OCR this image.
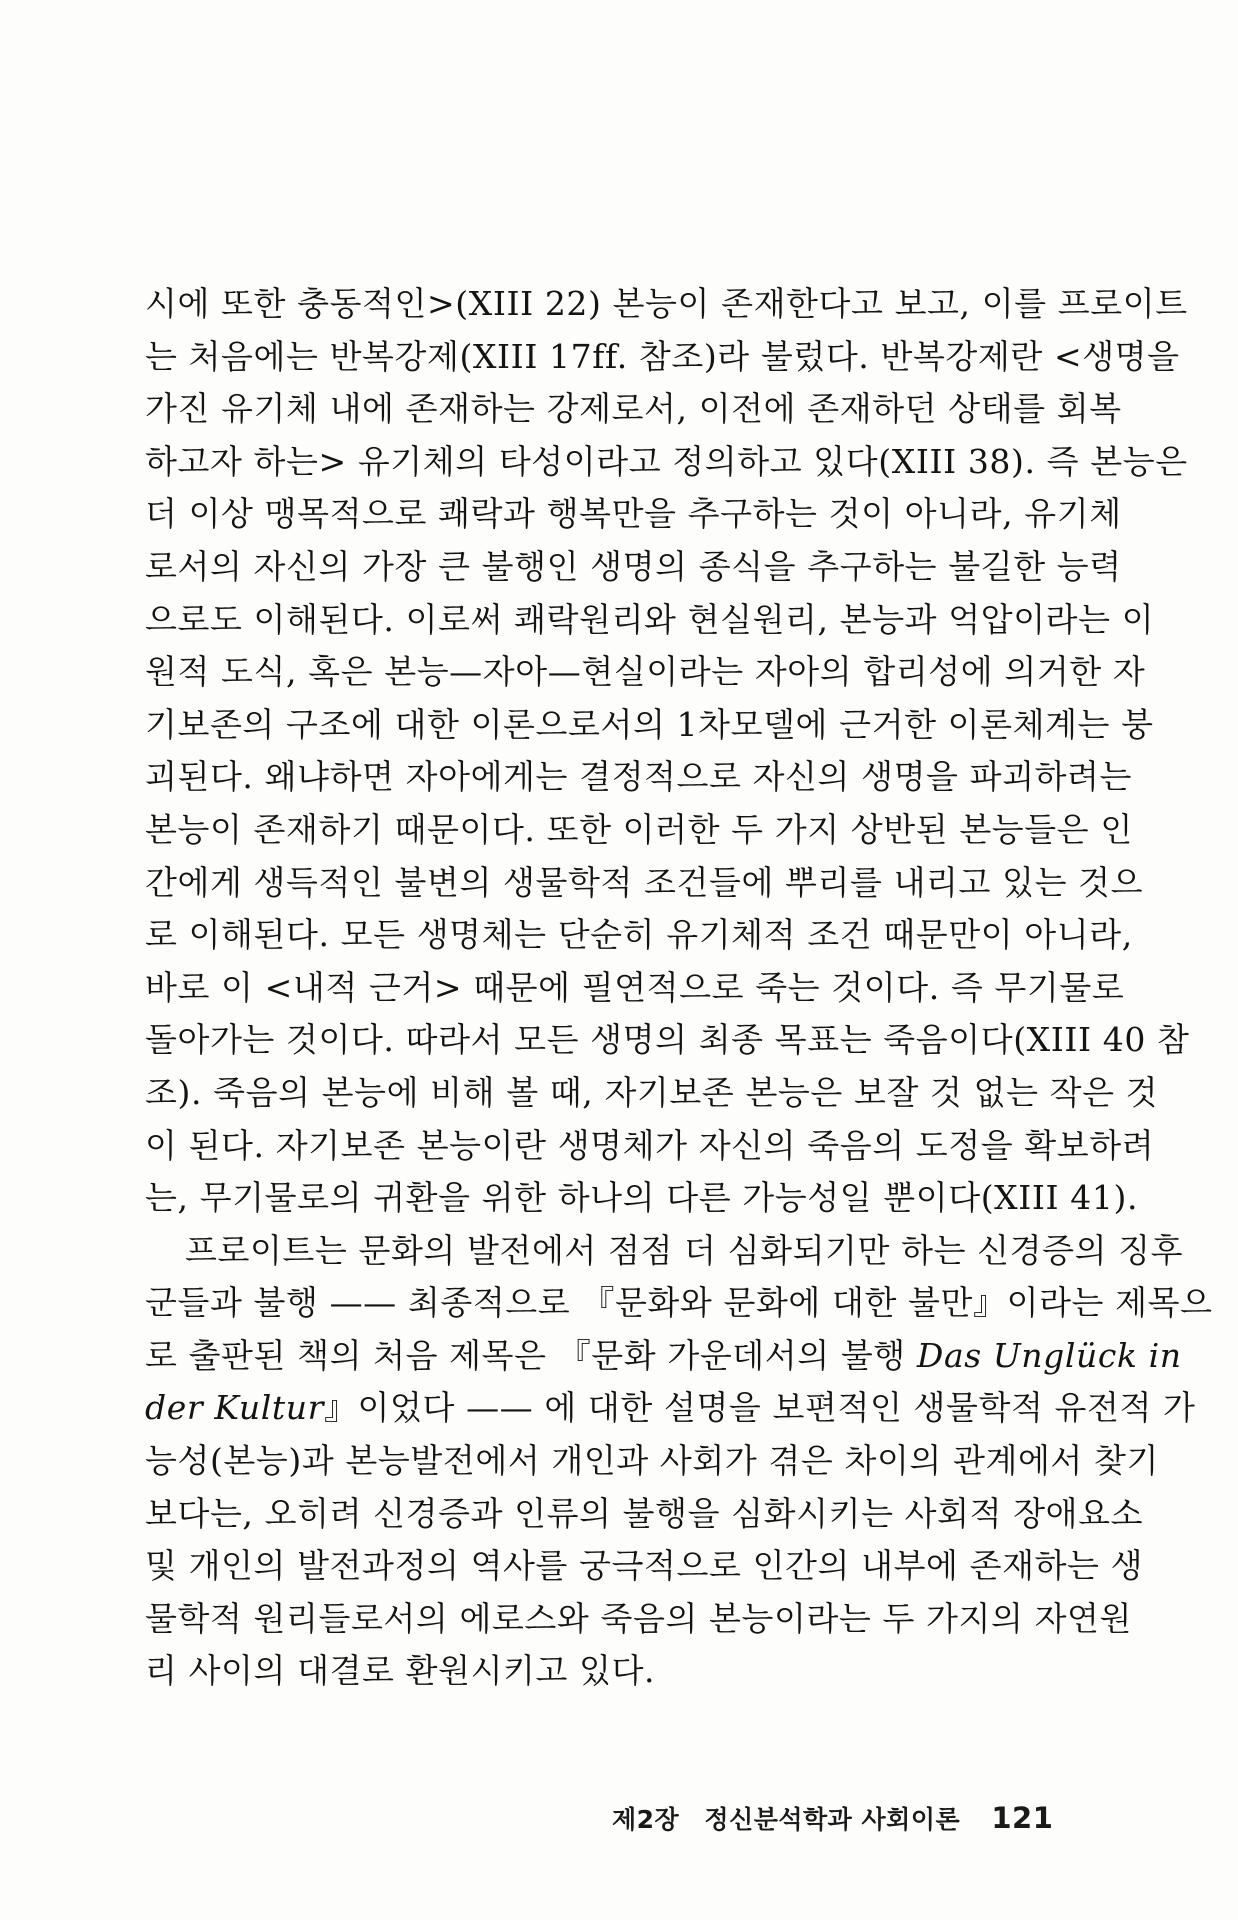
시에 또한 충동적인>(XIII 22) 본능이 존재한다고 보고, 이를 프로이트
는 처음에는 반복강제(XIII 17ff. 참조)라 불렀다. 반복강제란 <생명을
가진 유기체 내에 존재하는 강제로서, 이전에 존재하던 상태를 회복
하고자 하는> 유기체의 타성이라고 정의하고 있다(XIII 38). 즉 본능은
더 이상 맹목적으로 쾌락과 행복만을 추구하는 것이 아니라, 유기체
로서의 자신의 가장 큰 불행인 생명의 종식을 추구하는 불길한 능력
으로도 이해된다. 이로써 쾌락원리와 현실원리, 본능과 억압이라는 이
원적 도식, 혹은 본능—자아—현실이라는 자아의 합리성에 의거한 자
기보존의 구조에 대한 이론으로서의 1차모델에 근거한 이론체계는 붕
괴된다. 왜냐하면 자아에게는 결정적으로 자신의 생명을 파괴하려는
본능이 존재하기 때문이다. 또한 이러한 두 가지 상반된 본능들은 인
간에게 생득적인 불변의 생물학적 조건들에 뿌리를 내리고 있는 것으
로 이해된다. 모든 생명체는 단순히 유기체적 조건 때문만이 아니라,
바로 이 <내적 근거> 때문에 필연적으로 죽는 것이다. 즉 무기물로
돌아가는 것이다. 따라서 모든 생명의 최종 목표는 죽음이다(XIII 40 참
조). 죽음의 본능에 비해 볼 때, 자기보존 본능은 보잘 것 없는 작은 것
이 된다. 자기보존 본능이란 생명체가 자신의 죽음의 도정을 확보하려
는, 무기물로의 귀환을 위한 하나의 다른 가능성일 뿐이다(XIII 41).

프로이트는 문화의 발전에서 점점 더 심화되기만 하는 신경증의 징후
군들과 불행 —— 최종적으로 『문화와 문화에 대한 불만』이라는 제목으
로 출판된 책의 처음 제목은 『문화 가운데서의 불행 Das Unglück in
der Kultur』이었다 —— 에 대한 설명을 보편적인 생물학적 유전적 가
능성(본능)과 본능발전에서 개인과 사회가 겪은 차이의 관계에서 찾기
보다는, 오히려 신경증과 인류의 불행을 심화시키는 사회적 장애요소
및 개인의 발전과정의 역사를 궁극적으로 인간의 내부에 존재하는 생
물학적 원리들로서의 에로스와 죽음의 본능이라는 두 가지의 자연원
리 사이의 대결로 환원시키고 있다.

제2장 정신분석학과 사회이론 121
